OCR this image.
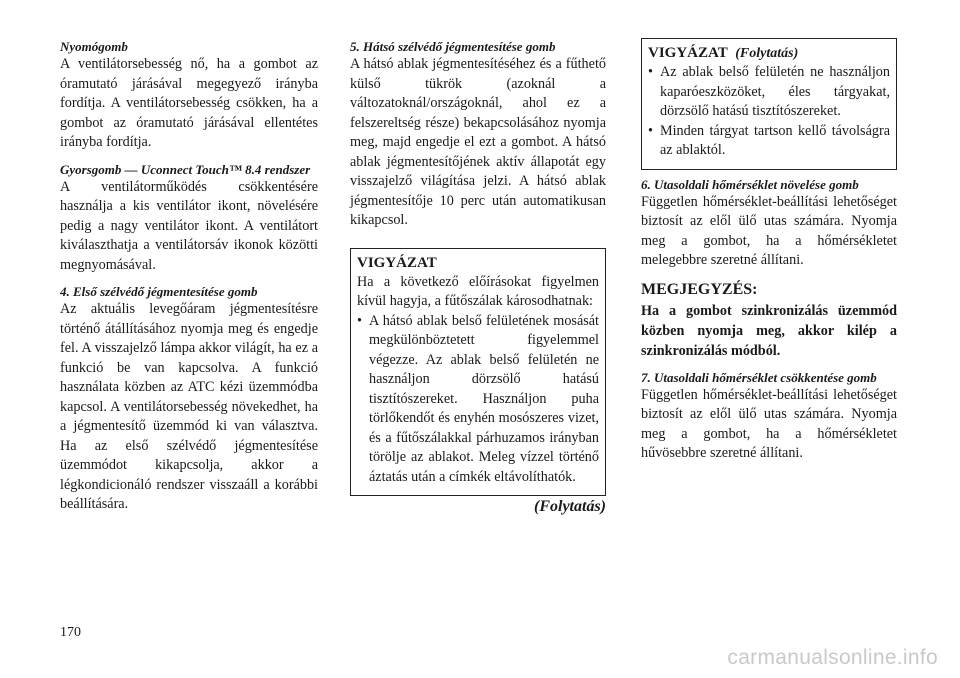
Nyomógomb

A ventilátorsebesség nő, ha a gombot az óramutató járásával megegyező irányba fordítja. A ventilátorsebesség csökken, ha a gombot az óramutató járásával ellentétes irányba fordítja.

Gyorsgomb — Uconnect Touch™ 8.4 rendszer

A ventilátorműködés csökkentésére használja a kis ventilátor ikont, növelésére pedig a nagy ventilátor ikont. A ventilátort kiválaszthatja a ventilátorsáv ikonok közötti megnyomásával.

4. Első szélvédő jégmentesítése gomb

Az aktuális levegőáram jégmentesítésre történő átállításához nyomja meg és engedje fel. A visszajelző lámpa akkor világít, ha ez a funkció be van kapcsolva. A funkció használata közben az ATC kézi üzemmódba kapcsol. A ventilátorsebesség növekedhet, ha a jégmentesítő üzemmód ki van választva. Ha az első szélvédő jégmentesítése üzemmódot kikapcsolja, akkor a légkondicionáló rendszer visszaáll a korábbi beállítására.

5. Hátsó szélvédő jégmentesítése gomb

A hátsó ablak jégmentesítéséhez és a fűthető külső tükrök (azoknál a változatoknál/országoknál, ahol ez a felszereltség része) bekapcsolásához nyomja meg, majd engedje el ezt a gombot. A hátsó ablak jégmentesítőjének aktív állapotát egy visszajelző világítása jelzi. A hátsó ablak jégmentesítője 10 perc után automatikusan kikapcsol.

VIGYÁZAT

Ha a következő előírásokat figyelmen kívül hagyja, a fűtőszálak károsodhatnak:

• A hátsó ablak belső felületének mosását megkülönböztetett figyelemmel végezze. Az ablak belső felületén ne használjon dörzsölő hatású tisztítószereket. Használjon puha törlőkendőt és enyhén mosószeres vizet, és a fűtőszálakkal párhuzamos irányban törölje az ablakot. Meleg vízzel történő áztatás után a címkék eltávolíthatók.

(Folytatás)

VIGYÁZAT (Folytatás)

• Az ablak belső felületén ne használjon kaparóeszközöket, éles tárgyakat, dörzsölő hatású tisztítószereket.
• Minden tárgyat tartson kellő távolságra az ablaktól.

6. Utasoldali hőmérséklet növelése gomb

Független hőmérséklet-beállítási lehetőséget biztosít az elől ülő utas számára. Nyomja meg a gombot, ha a hőmérsékletet melegebbre szeretné állítani.

MEGJEGYZÉS:

Ha a gombot szinkronizálás üzemmód közben nyomja meg, akkor kilép a szinkronizálás módból.

7. Utasoldali hőmérséklet csökkentése gomb

Független hőmérséklet-beállítási lehetőséget biztosít az elől ülő utas számára. Nyomja meg a gombot, ha a hőmérsékletet hűvösebbre szeretné állítani.

170
carmanualsonline.info
